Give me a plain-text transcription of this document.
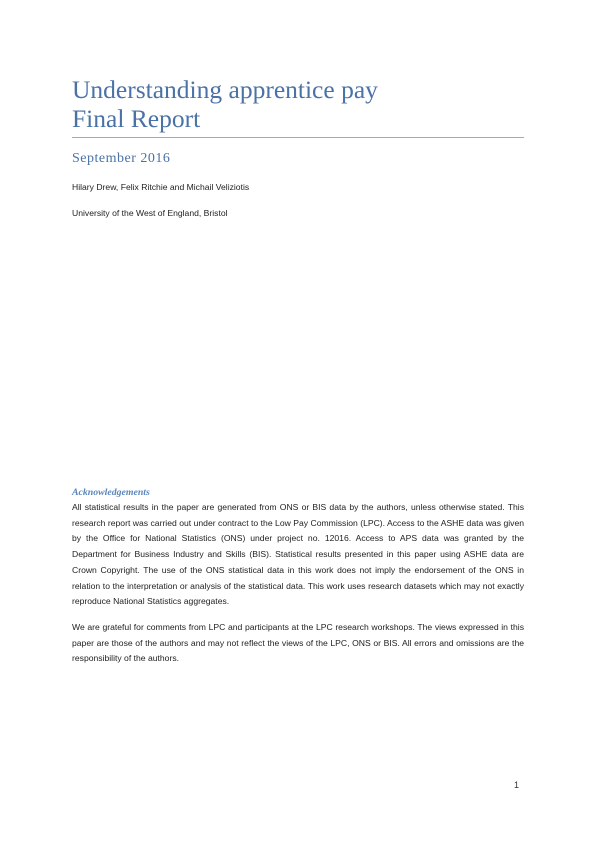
Understanding apprentice pay
Final Report
September 2016
Hilary Drew, Felix Ritchie and Michail Veliziotis
University of the West of England, Bristol
Acknowledgements

All statistical results in the paper are generated from ONS or BIS data by the authors, unless otherwise stated. This research report was carried out under contract to the Low Pay Commission (LPC). Access to the ASHE data was given by the Office for National Statistics (ONS) under project no. 12016. Access to APS data was granted by the Department for Business Industry and Skills (BIS). Statistical results presented in this paper using ASHE data are Crown Copyright. The use of the ONS statistical data in this work does not imply the endorsement of the ONS in relation to the interpretation or analysis of the statistical data. This work uses research datasets which may not exactly reproduce National Statistics aggregates.

We are grateful for comments from LPC and participants at the LPC research workshops. The views expressed in this paper are those of the authors and may not reflect the views of the LPC, ONS or BIS. All errors and omissions are the responsibility of the authors.

1
